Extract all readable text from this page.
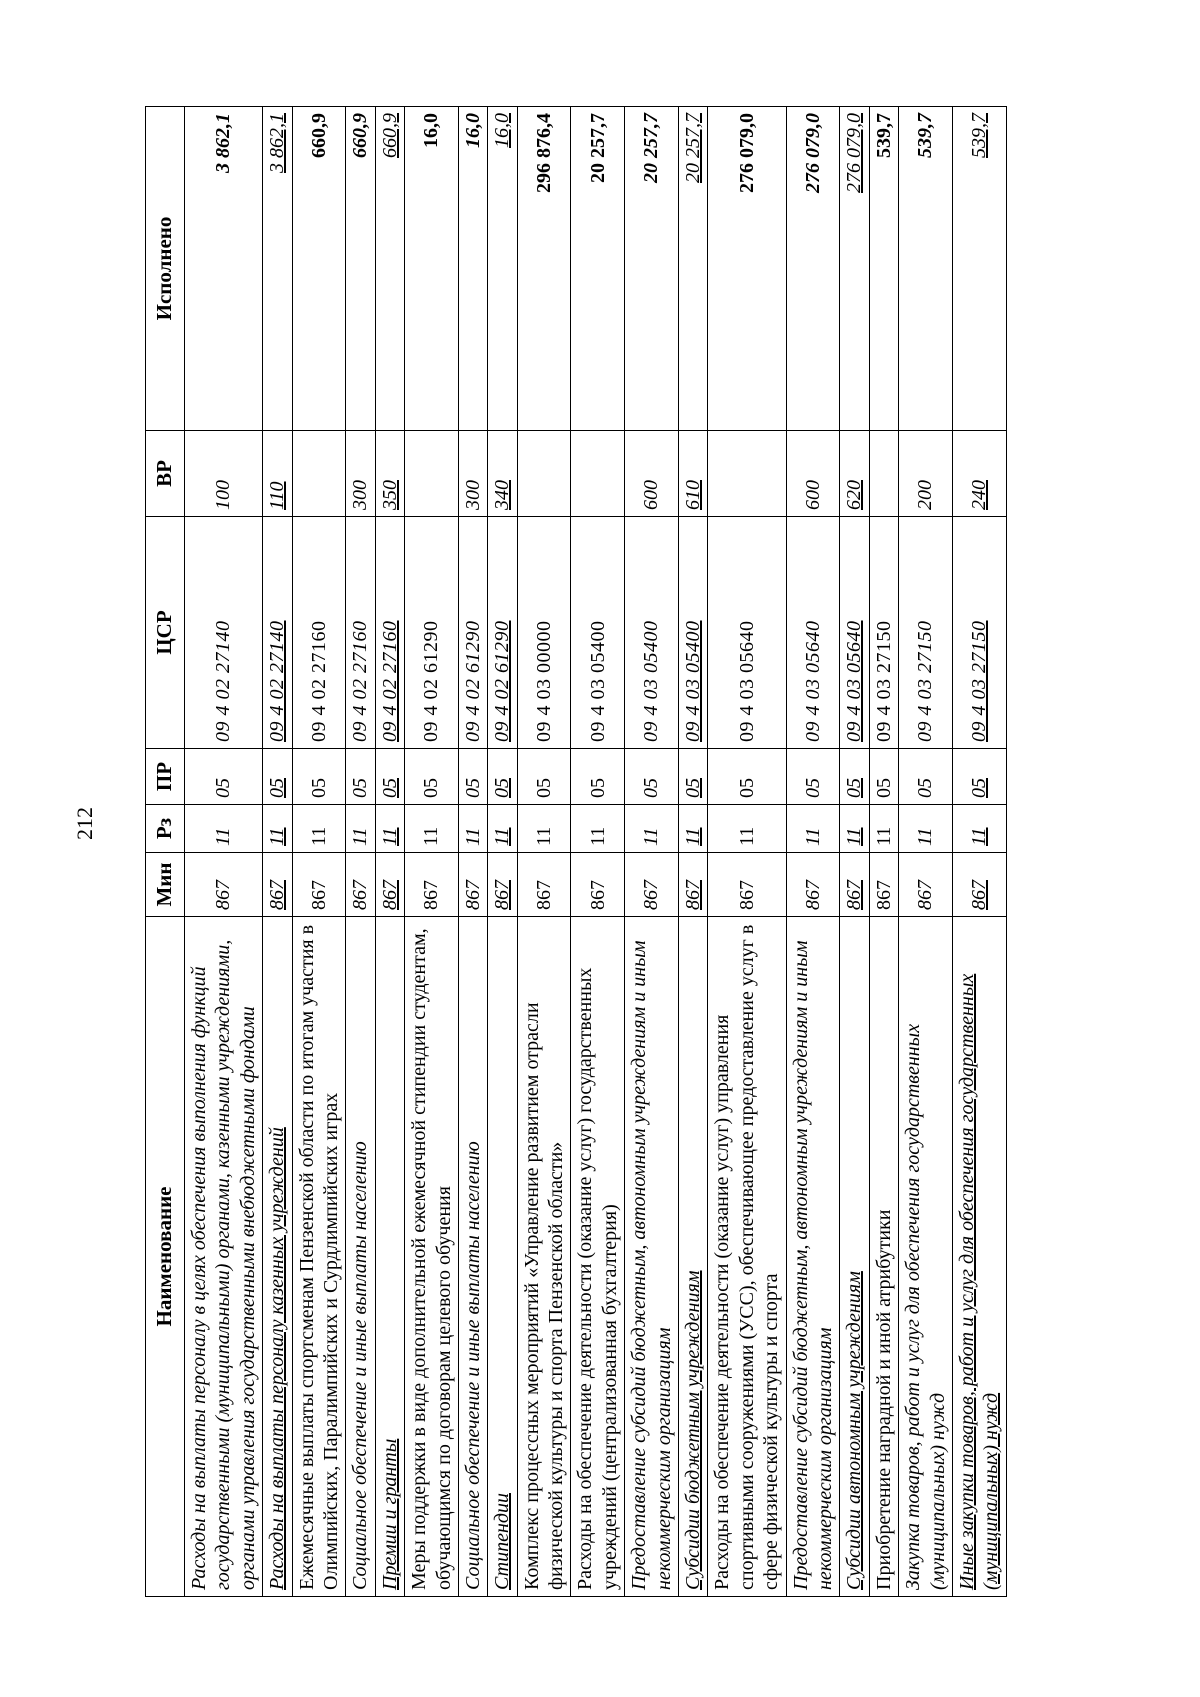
212
Наименование	Мин	Рз	ПР	ЦСР	ВР	Исполнено
Расходы на выплаты персоналу в целях обеспечения выполнения функций государственными (муниципальными) органами, казенными учреждениями, органами управления государственными внебюджетными фондами	867	11	05	09 4 02 27140	100	3 862,1
Расходы на выплаты персоналу казенных учреждений	867	11	05	09 4 02 27140	110	3 862,1
Ежемесячные выплаты спортсменам Пензенской области по итогам участия в Олимпийских, Паралимпийских и Сурдлимпийских играх	867	11	05	09 4 02 27160		660,9
Социальное обеспечение и иные выплаты населению	867	11	05	09 4 02 27160	300	660,9
Премии и гранты	867	11	05	09 4 02 27160	350	660,9
Меры поддержки в виде дополнительной ежемесячной стипендии студентам, обучающимся по договорам целевого обучения	867	11	05	09 4 02 61290		16,0
Социальное обеспечение и иные выплаты населению	867	11	05	09 4 02 61290	300	16,0
Стипендии	867	11	05	09 4 02 61290	340	16,0
Комплекс процессных мероприятий «Управление развитием отрасли физической культуры и спорта Пензенской области»	867	11	05	09 4 03 00000		296 876,4
Расходы на обеспечение деятельности (оказание услуг) государственных учреждений (централизованная бухгалтерия)	867	11	05	09 4 03 05400		20 257,7
Предоставление субсидий бюджетным, автономным учреждениям и иным некоммерческим организациям	867	11	05	09 4 03 05400	600	20 257,7
Субсидии бюджетным учреждениям	867	11	05	09 4 03 05400	610	20 257,7
Расходы на обеспечение деятельности (оказание услуг) управления спортивными сооружениями (УСС), обеспечивающее предоставление услуг в сфере физической культуры и спорта	867	11	05	09 4 03 05640		276 079,0
Предоставление субсидий бюджетным, автономным учреждениям и иным некоммерческим организациям	867	11	05	09 4 03 05640	600	276 079,0
Субсидии автономным учреждениям	867	11	05	09 4 03 05640	620	276 079,0
Приобретение наградной и иной атрибутики	867	11	05	09 4 03 27150		539,7
Закупка товаров, работ и услуг для обеспечения государственных (муниципальных) нужд	867	11	05	09 4 03 27150	200	539,7
Иные закупки товаров, работ и услуг для обеспечения государственных (муниципальных) нужд	867	11	05	09 4 03 27150	240	539,7
